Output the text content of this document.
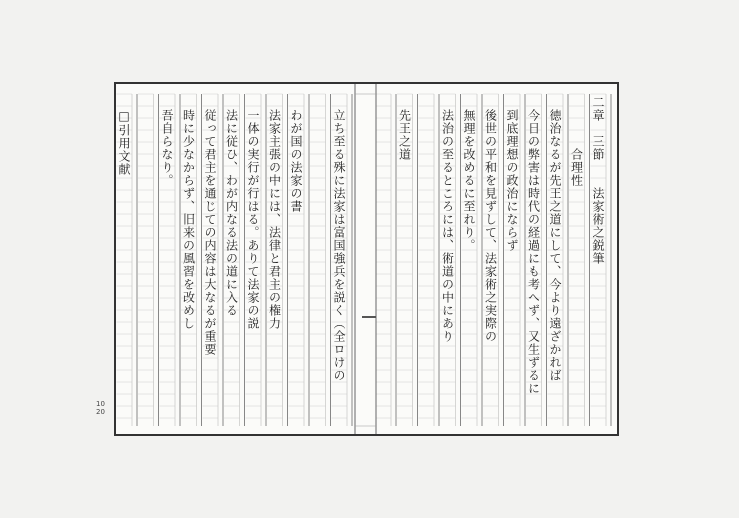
二章　三節　　法家術之鋭筆
　　　　合理性
　徳治なるが先王之道にして、今より遠ざかれば
　今日の弊害は時代の経過にも考へず、又生ずるに
　到底理想の政治にならず
　後世の平和を見ずして、法家術之実際の
　無理を改めるに至れり。
　法治の至るところには、術道の中にあり
　先王之道
　立ち至る殊に法家は富国強兵を説く（全ロけの
　わが国の法家の書
　法家主張の中には、法律と君主の権力
　一体の実行が行はる。ありて法家の説
　法に従ひ、わが内なる法の道に入る
　従って君主を通じての内容は大なるが重要
　時に少なからず、旧来の風習を改めし
　吾自らなり。
　□引用文献
10
20
